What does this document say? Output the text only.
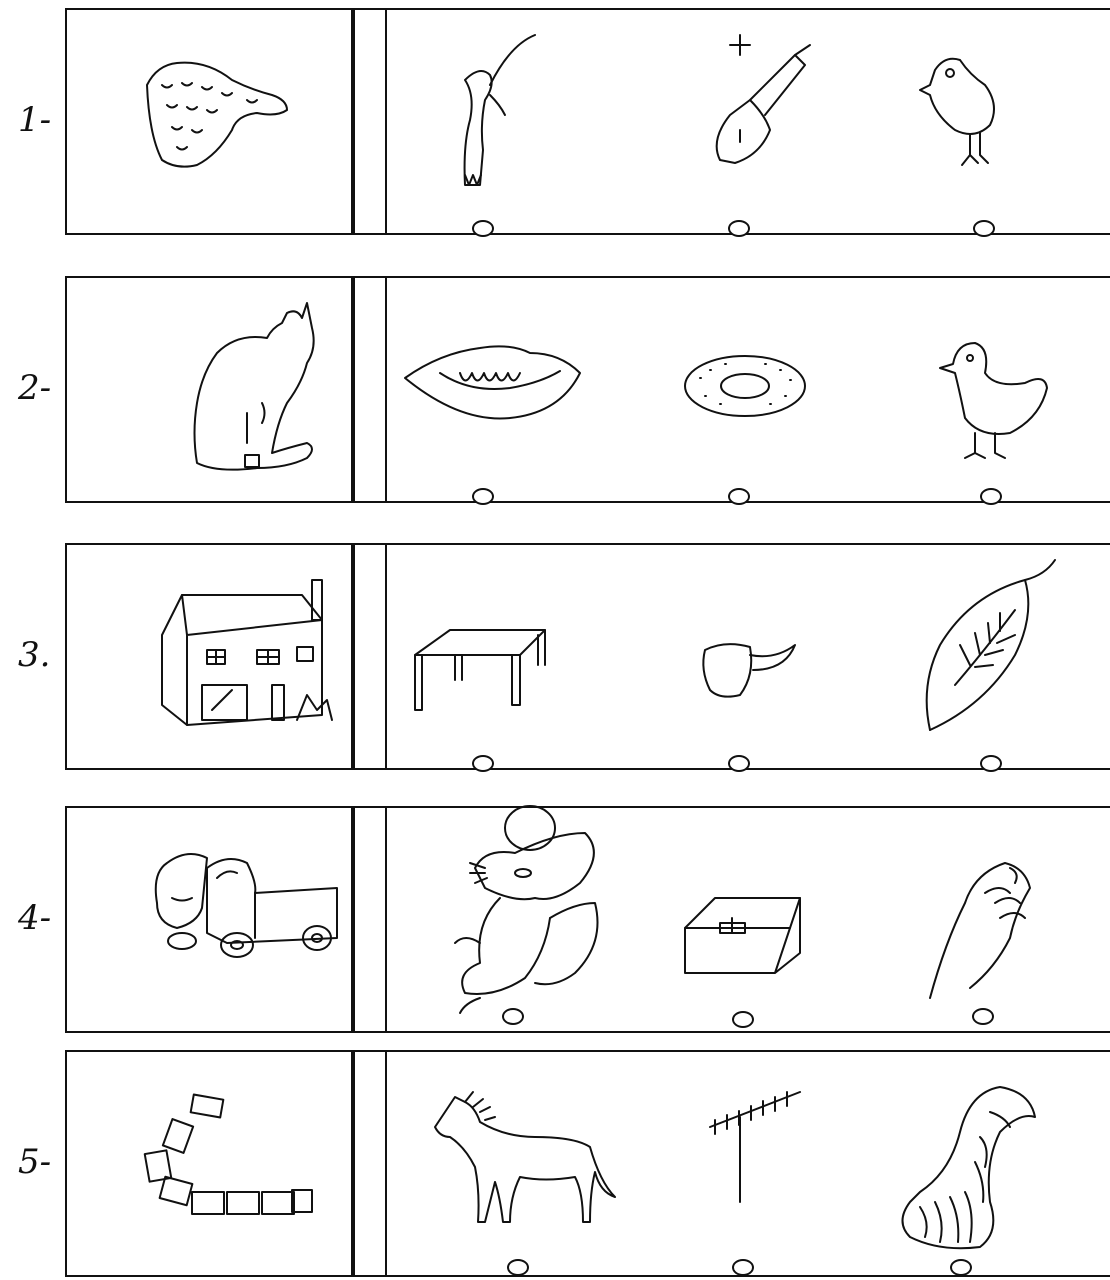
1-
2-
3.
4-
5-
